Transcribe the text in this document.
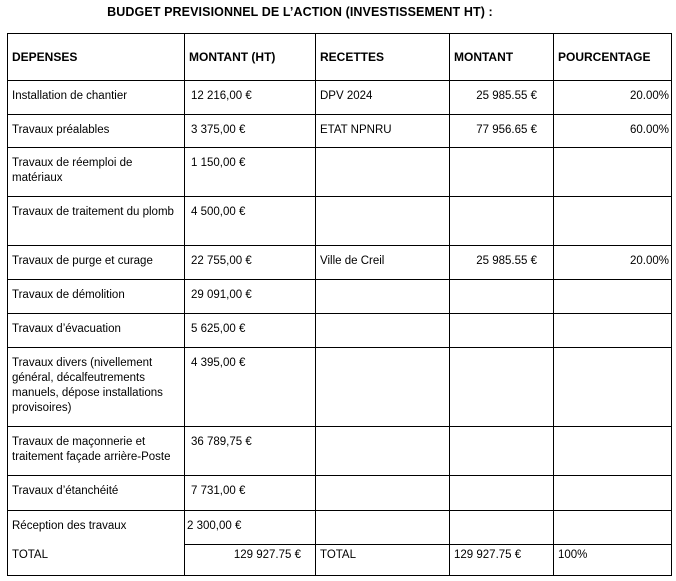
BUDGET PREVISIONNEL DE L’ACTION (INVESTISSEMENT HT) :
DEPENSES	MONTANT (HT)	RECETTES	MONTANT	POURCENTAGE
Installation de chantier	12 216,00 €	DPV 2024	25 985.55 €	20.00%
Travaux préalables	3 375,00 €	ETAT NPNRU	77 956.65 €	60.00%
Travaux de réemploi de matériaux	1 150,00 €			
Travaux de traitement du plomb	4 500,00 €			
Travaux de purge et curage	22 755,00 €	Ville de Creil	25 985.55 €	20.00%
Travaux de démolition	29 091,00 €			
Travaux d’évacuation	5 625,00 €			
Travaux divers (nivellement général, décalfeutrements manuels, dépose installations provisoires)	4 395,00 €			
Travaux de maçonnerie et traitement façade arrière-Poste	36 789,75 €			
Travaux d’étanchéité	7 731,00 €			
Réception des travaux	2 300,00 €			
TOTAL	129 927.75 €	TOTAL	129 927.75 €	100%
